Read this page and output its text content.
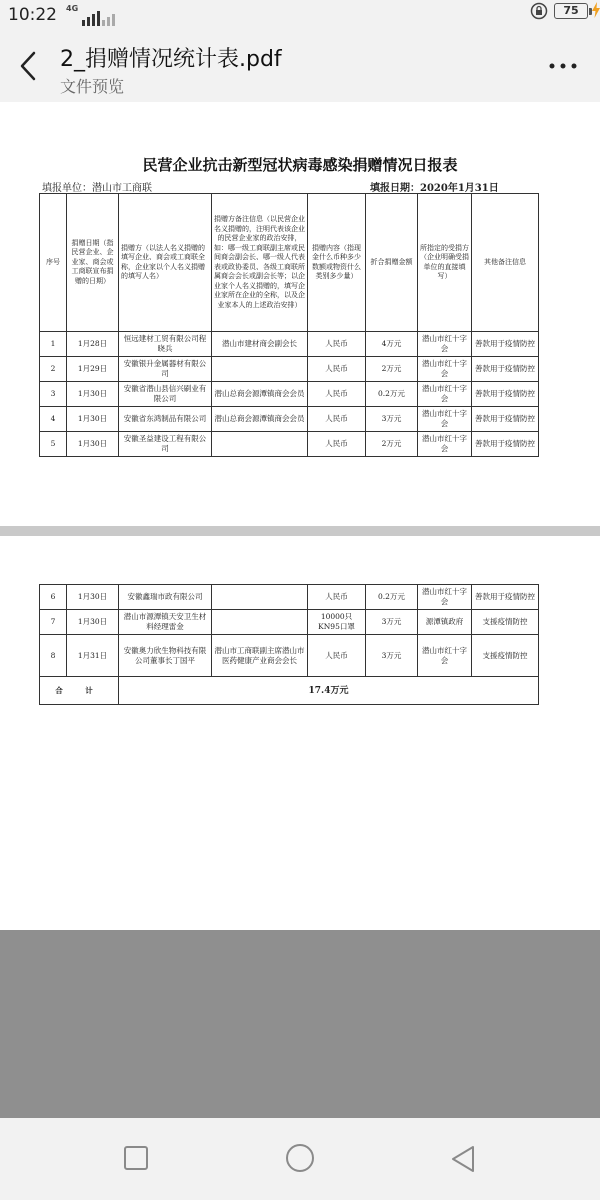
10:22 4G	75
2_捐赠情况统计表.pdf
文件预览
民营企业抗击新型冠状病毒感染捐赠情况日报表
填报单位：潜山市工商联	填报日期：2020年1月31日
序号	捐赠日期（指民营企业、企业家、商会或工商联宣布捐赠的日期）	捐赠方（以法人名义捐赠的填写企业、商会或工商联全称，企业家以个人名义捐赠的填写人名）	捐赠方备注信息（以民营企业名义捐赠的，注明代表该企业的民营企业家的政治安排，如：哪一级工商联副主席或民间商会副会长、哪一级人代表表或政协委员、各级工商联所属商会会长或副会长等；以企业家个人名义捐赠的，填写企业家所在企业的全称，以及企业家本人的上述政治安排）	捐赠内容（指现金什么币种多少数额或物资什么类别多少量）	折合捐赠金额	所指定的受捐方（企业明确受捐单位的直接填写）	其他备注信息
1	1月28日	恒远建材工贸有限公司程晓兵	潜山市建材商会副会长	人民币	4万元	潜山市红十字会	善款用于疫情防控
2	1月29日	安徽银升金属器材有限公司		人民币	2万元	潜山市红十字会	善款用于疫情防控
3	1月30日	安徽省潜山县信兴刷业有限公司	潜山总商会源潭镇商会会员	人民币	0.2万元	潜山市红十字会	善款用于疫情防控
4	1月30日	安徽省东鸿制品有限公司	潜山总商会源潭镇商会会员	人民币	3万元	潜山市红十字会	善款用于疫情防控
5	1月30日	安徽圣益建设工程有限公司		人民币	2万元	潜山市红十字会	善款用于疫情防控
6	1月30日	安徽鑫瑞市政有限公司		人民币	0.2万元	潜山市红十字会	善款用于疫情防控
7	1月30日	潜山市源潭镇天安卫生材料经理雷金		10000只KN95口罩	3万元	源潭镇政府	支援疫情防控
8	1月31日	安徽奥力欣生物科技有限公司董事长丁国平	潜山市工商联副主席潜山市医药健康产业商会会长	人民币	3万元	潜山市红十字会	支援疫情防控
合 计		17.4万元					
